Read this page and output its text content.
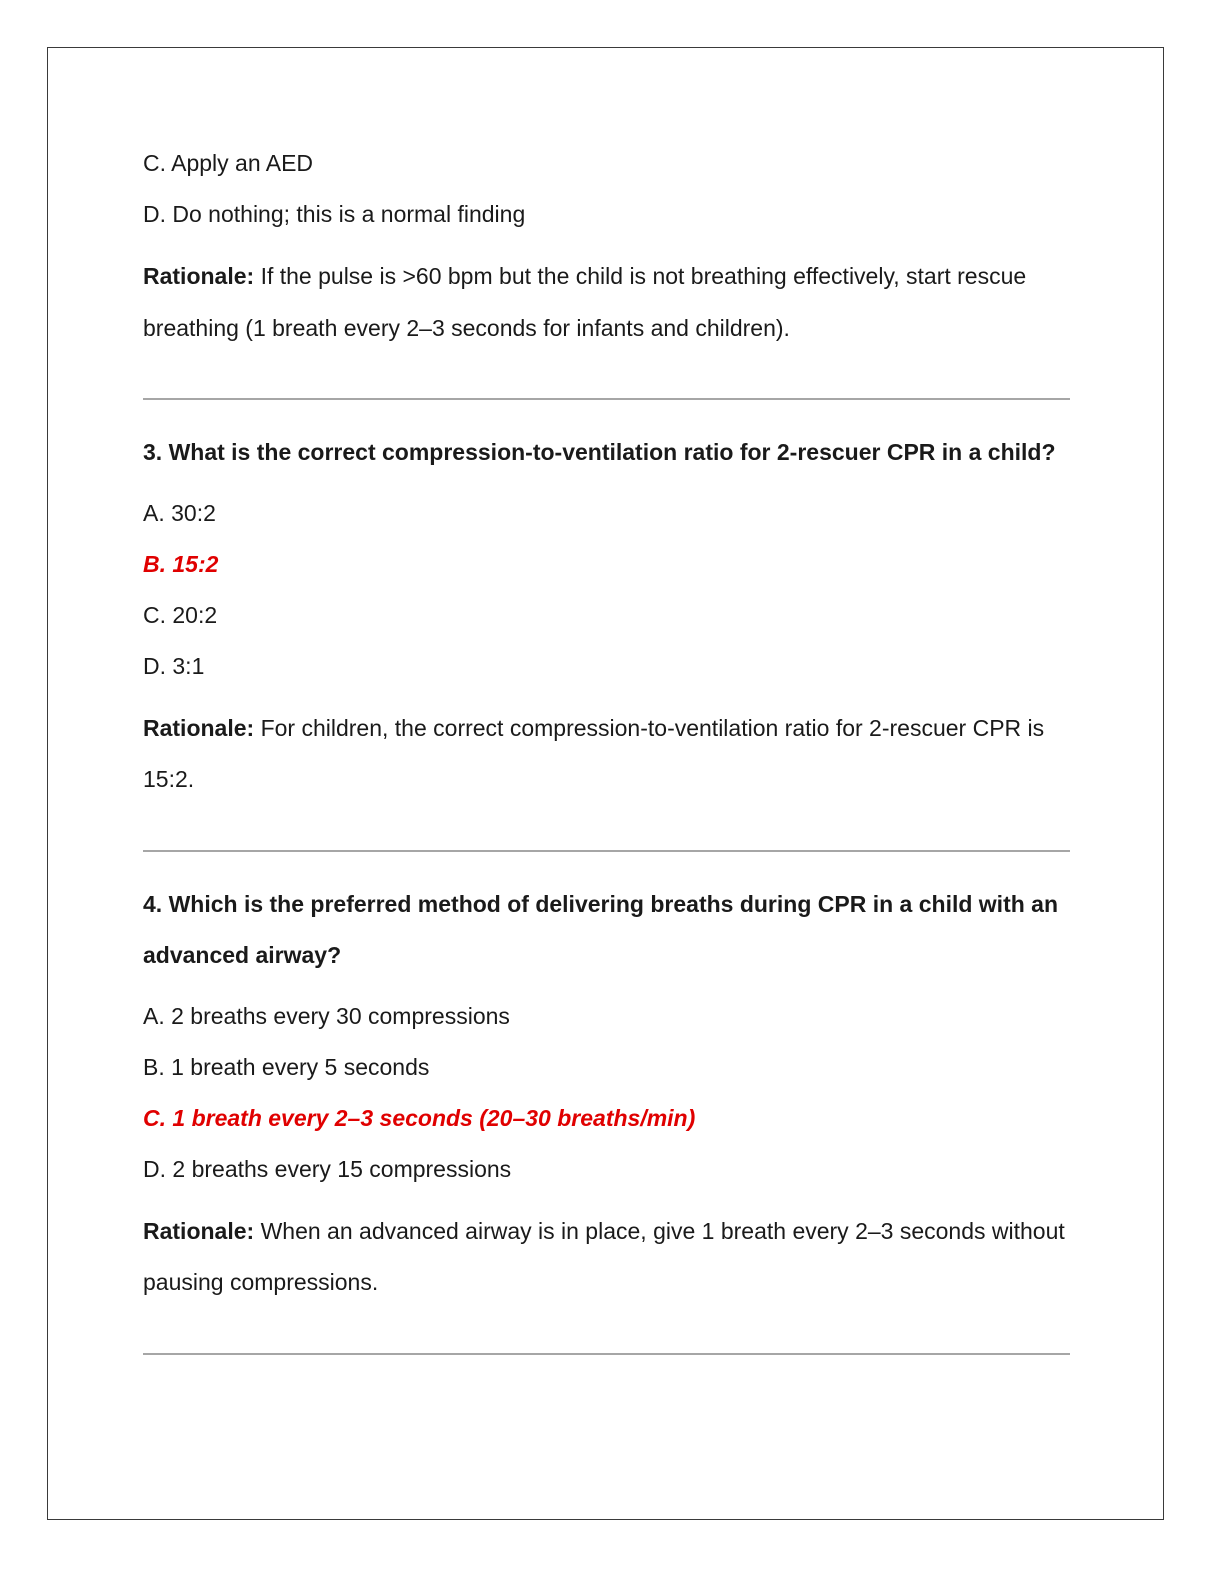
C. Apply an AED

D. Do nothing; this is a normal finding

Rationale: If the pulse is >60 bpm but the child is not breathing effectively, start rescue breathing (1 breath every 2–3 seconds for infants and children).

3. What is the correct compression-to-ventilation ratio for 2-rescuer CPR in a child?

A. 30:2

B. 15:2

C. 20:2

D. 3:1

Rationale: For children, the correct compression-to-ventilation ratio for 2-rescuer CPR is 15:2.

4. Which is the preferred method of delivering breaths during CPR in a child with an advanced airway?

A. 2 breaths every 30 compressions

B. 1 breath every 5 seconds

C. 1 breath every 2–3 seconds (20–30 breaths/min)

D. 2 breaths every 15 compressions

Rationale: When an advanced airway is in place, give 1 breath every 2–3 seconds without pausing compressions.
